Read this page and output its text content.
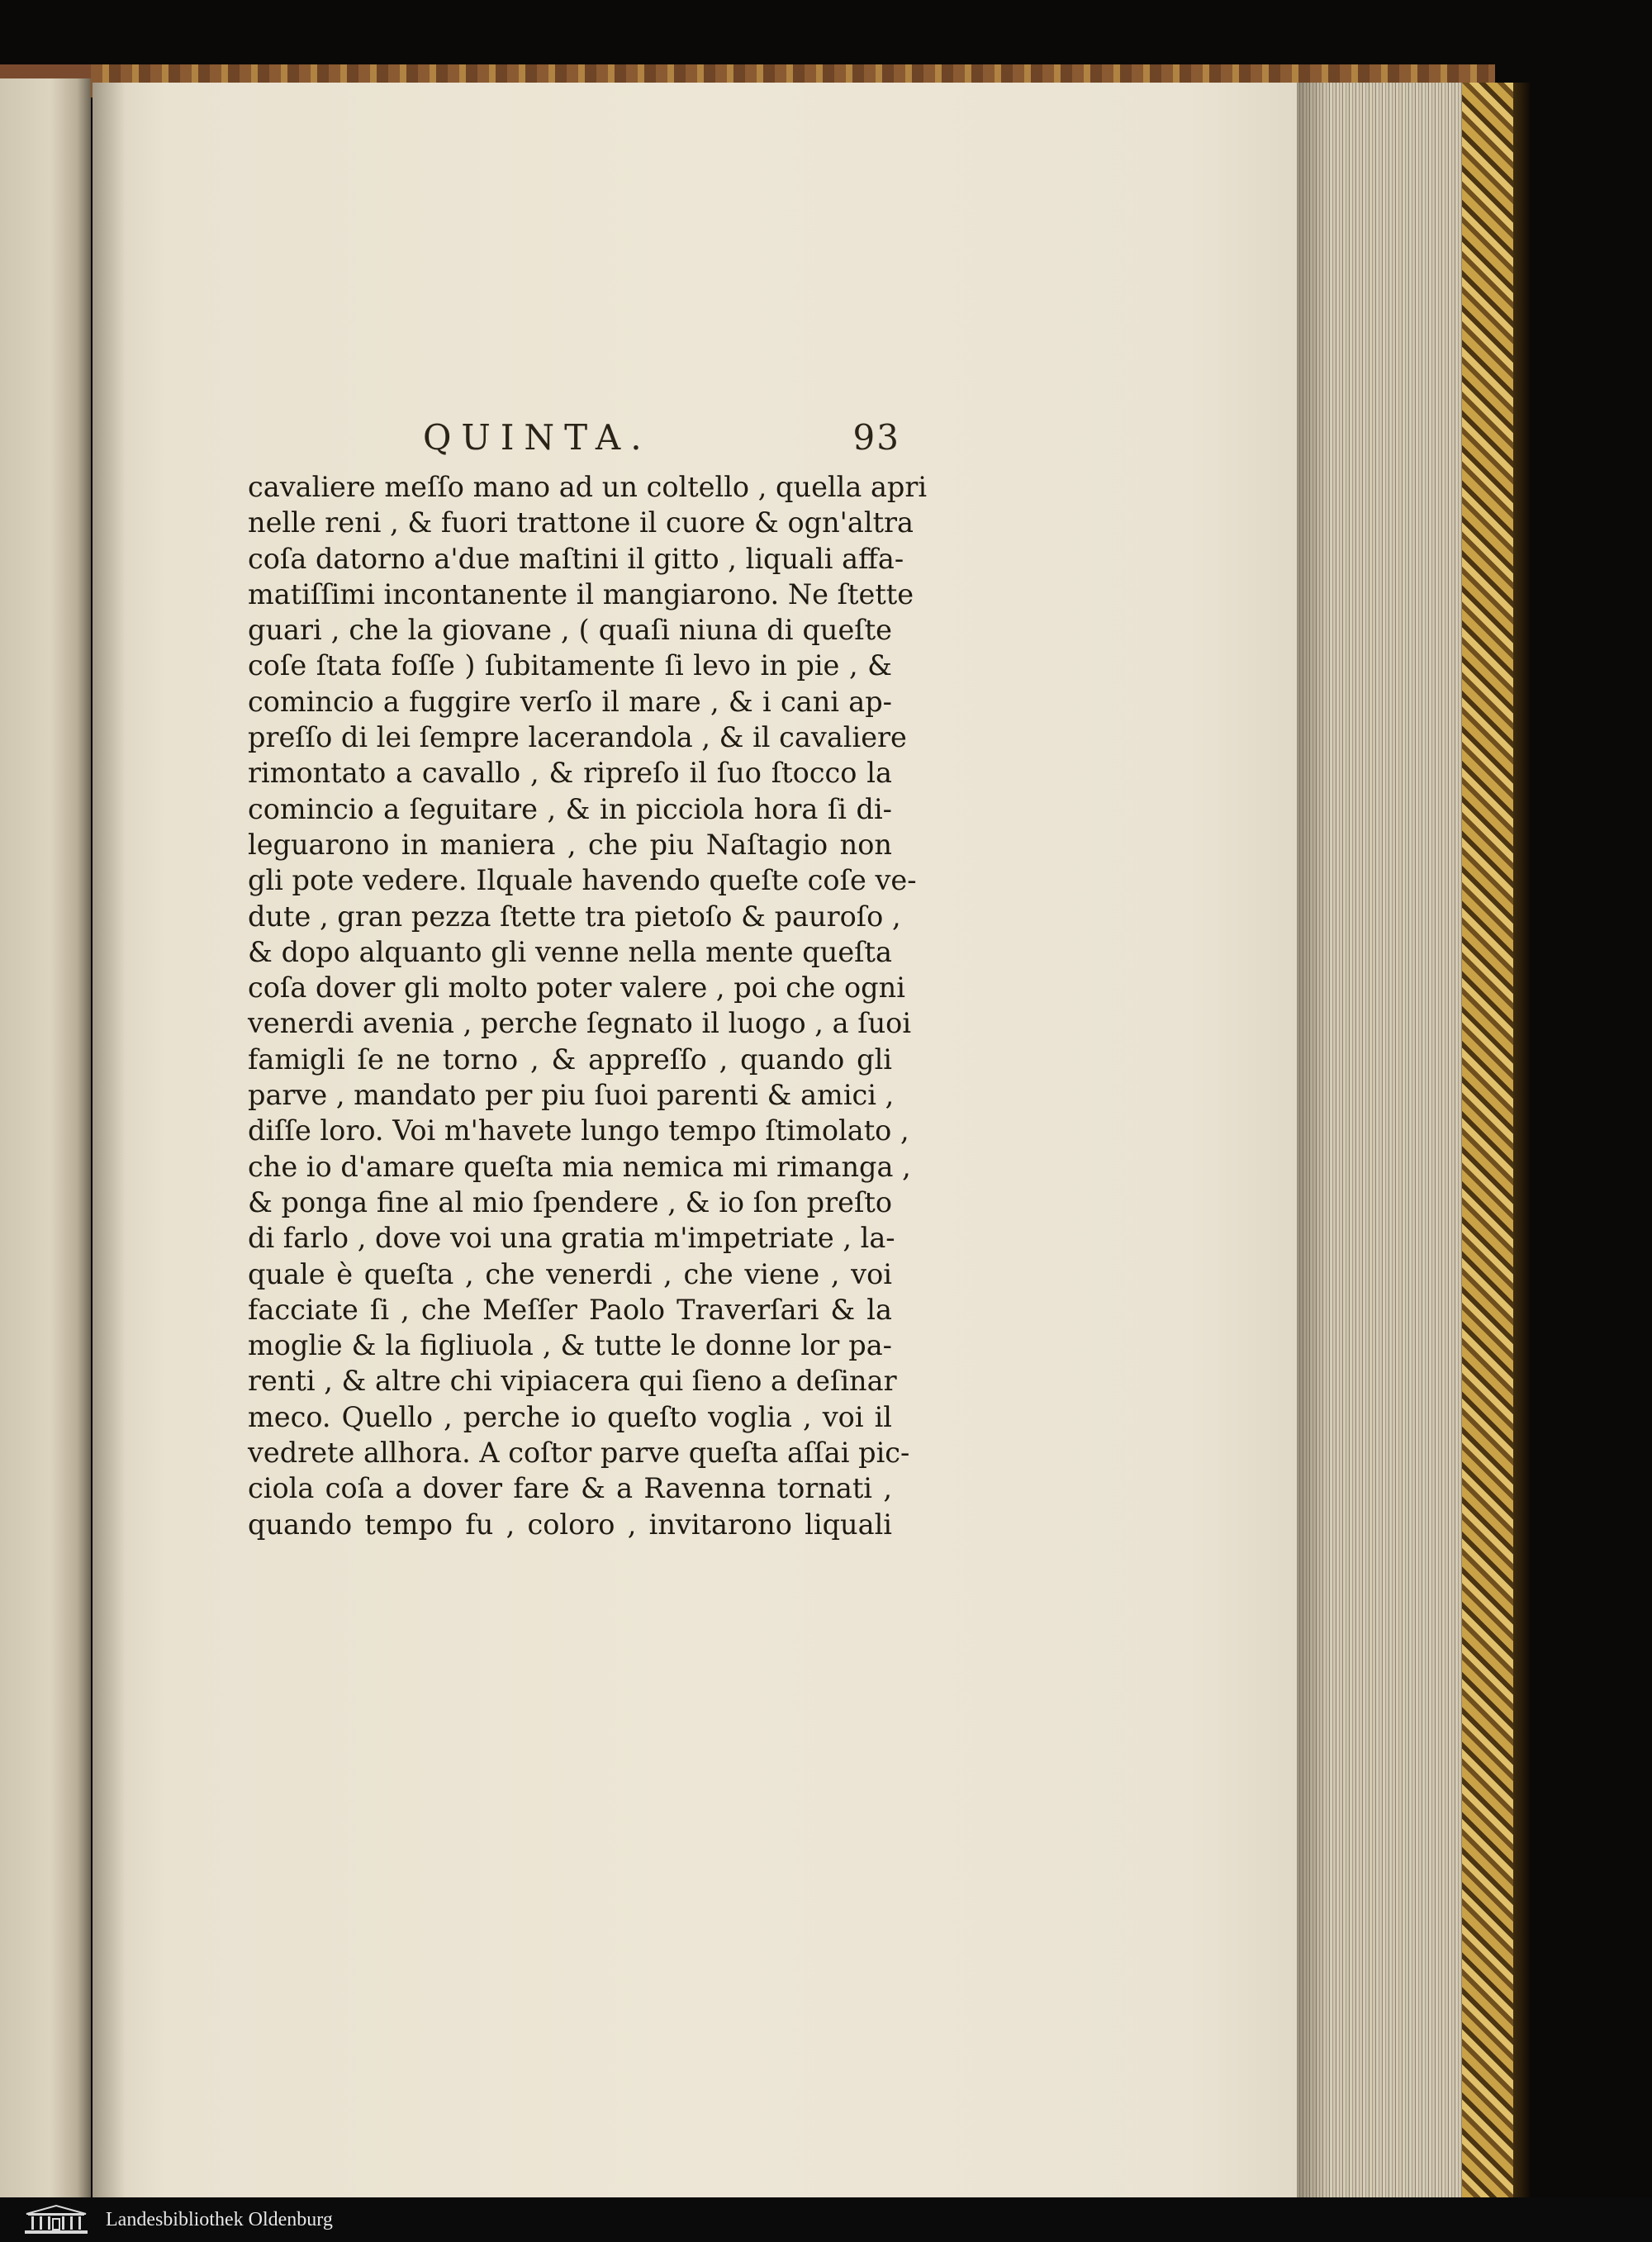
QUINTA.	93
cavaliere meſſo mano ad un coltello , quella apri
nelle reni , & fuori trattone il cuore & ogn'altra
coſa datorno a'due maſtini il gitto , liquali affa-
matiſſimi incontanente il mangiarono. Ne ſtette
guari , che la giovane , ( quaſi niuna di queſte
coſe ſtata foſſe ) ſubitamente ſi levo in pie , &
comincio a fuggire verſo il mare , & i cani ap-
preſſo di lei ſempre lacerandola , & il cavaliere
rimontato a cavallo , & ripreſo il ſuo ſtocco la
comincio a ſeguitare , & in picciola hora ſi di-
leguarono in maniera , che piu Naſtagio non
gli pote vedere. Ilquale havendo queſte coſe ve-
dute , gran pezza ſtette tra pietoſo & pauroſo ,
& dopo alquanto gli venne nella mente queſta
coſa dover gli molto poter valere , poi che ogni
venerdi avenia , perche ſegnato il luogo , a ſuoi
famigli ſe ne torno , & appreſſo , quando gli
parve , mandato per piu ſuoi parenti & amici ,
diſſe loro. Voi m'havete lungo tempo ſtimolato ,
che io d'amare queſta mia nemica mi rimanga ,
& ponga fine al mio ſpendere , & io ſon preſto
di farlo , dove voi una gratia m'impetriate , la-
quale è queſta , che venerdi , che viene , voi
facciate ſi , che Meſſer Paolo Traverſari & la
moglie & la figliuola , & tutte le donne lor pa-
renti , & altre chi vipiacera qui ſieno a deſinar
meco. Quello , perche io queſto voglia , voi il
vedrete allhora. A coſtor parve queſta aſſai pic-
ciola coſa a dover fare & a Ravenna tornati ,
quando tempo fu , coloro , invitarono liquali
Landesbibliothek Oldenburg
